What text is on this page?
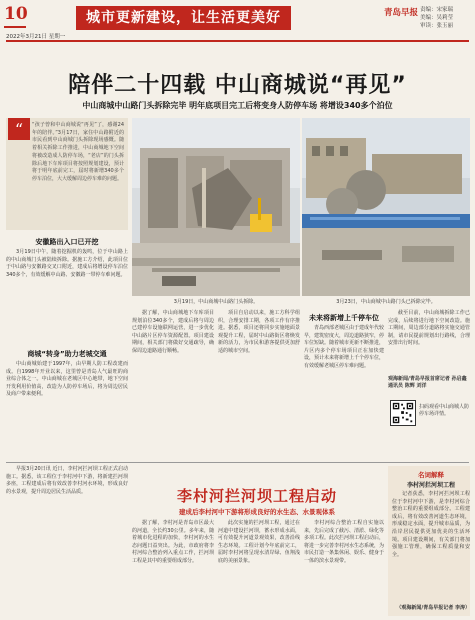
10	城市更新建设，让生活更美好
2022年3月21日 星期一
青岛早报 责编：宋家瑞
美编：吴莉莹
审读：张玉丽
陪伴二十四载 中山商城说“再见”
中山商城中山路门头拆除完毕 明年底项目完工后将变身人防停车场 将增设340多个泊位
“ “孩子曾和中山商城说“再见”了，感谢24年的陪伴。”3月17日，家住中山路附近的市民看到中山商城门头拆除现场感慨。随着相关拆除工作推进，中山商城地下空间将被改造成人防停车场，“老店”的门头拆除后地下车库项目将按照规划建设，预计将于明年底前完工，届时将新增340多个停车泊位，大大缓解周边停车难的问题。
安徽路出入口已开挖
3月19日中午，随着挖掘机的轰鸣，位于中山路上的中山商城门头被陆续拆除。据施工方介绍，此项目位于中山路与安徽路交叉口附近，建成后将增设停车泊位340多个，有效缓解中山路、安徽路一带停车难问题。
商城“转身”助力老城交通
中山商城始建于1997年，由早期人防工程改建而成。自1998年开业以来，这里曾是青岛人气最旺的商业综合体之一。中山商城在老城区中心地带，地下空间开发利用价值高，改造为人防停车场后，将为周边居民及商户带来便利。
3月19日，中山商城中山路门头拆除。	3月23日，中山商城中山路门头已拆除完毕。
据了解，中山商城地下车库项目规划泊位340多个，建成后将与周边已建停车设施联网运营，进一步优化中山路片区停车资源配置。项目建设期间，相关部门将做好交通疏导，确保周边道路通行顺畅。
项目自启动以来，施工方科学组织，合理安排工期，各项工作有序推进。据悉，项目还将同步实施地面景观提升工程，届时中山路街区将焕发新的活力，为市民和游客提供更加舒适的城市空间。
未来将新增上千停车位
青岛西部老城区由于建成年代较早，建筑密度大，周边道路狭窄，停车位短缺。随着城市更新不断推进，片区内多个停车场项目正在加快建设，预计未来将新增上千个停车位，有效缓解老城区停车难问题。
截至目前，中山商城拆除工作已完成，后续将进行地下空间改造。施工期间，周边部分道路将实施交通管制，请市民提前规划出行路线，合理安排出行时间。
观海新闻/青岛早报首席记者 孙启鑫 通讯员 陈辉 刘洋
扫码观看中山商城人防停车场详情。
早报3月20日讯 近日，李村河拦河坝工程正式启动施工。据悉，该工程位于李村河中下游，将新建拦河坝多座，工程建成后将有效改善李村河水环境，形成良好的水景观，提升周边居民生活品质。	李村河拦河坝工程启动
建成后李村河中下游将形成良好的水生态、水景观体系
据了解，李村河是青岛市区最大的河道，全长约30公里。多年来，随着城市化进程的加快，李村河的水生态问题日益突出。为此，市政府将李村河综合整治列入重点工作，拦河坝工程是其中的重要组成部分。
此次实施的拦河坝工程，通过在河道中建设拦河坝，蓄水形成水面，可有效提升河道景观效果，改善沿线生态环境。工程计划今年底前完工，届时李村河将呈现水清岸绿、鱼翔浅底的美丽景象。
李村河综合整治工程自实施以来，先后完成了截污、清淤、绿化等多项工程。此次拦河坝工程启动后，将进一步完善李村河水生态系统，为市民打造一条集休闲、娱乐、健身于一体的滨水景观带。
名词解释
李村河拦河坝工程
记者获悉，李村河拦河坝工程位于李村河中下游，是李村河综合整治工程的重要组成部分。工程建成后，将有效改善河道生态环境，形成稳定水面，提升城市品质，为沿岸居民提供更加优美的生活环境。项目建设期间，有关部门将加强施工管理，确保工程质量和安全。
（观海新闻/青岛早报记者 李涛）
